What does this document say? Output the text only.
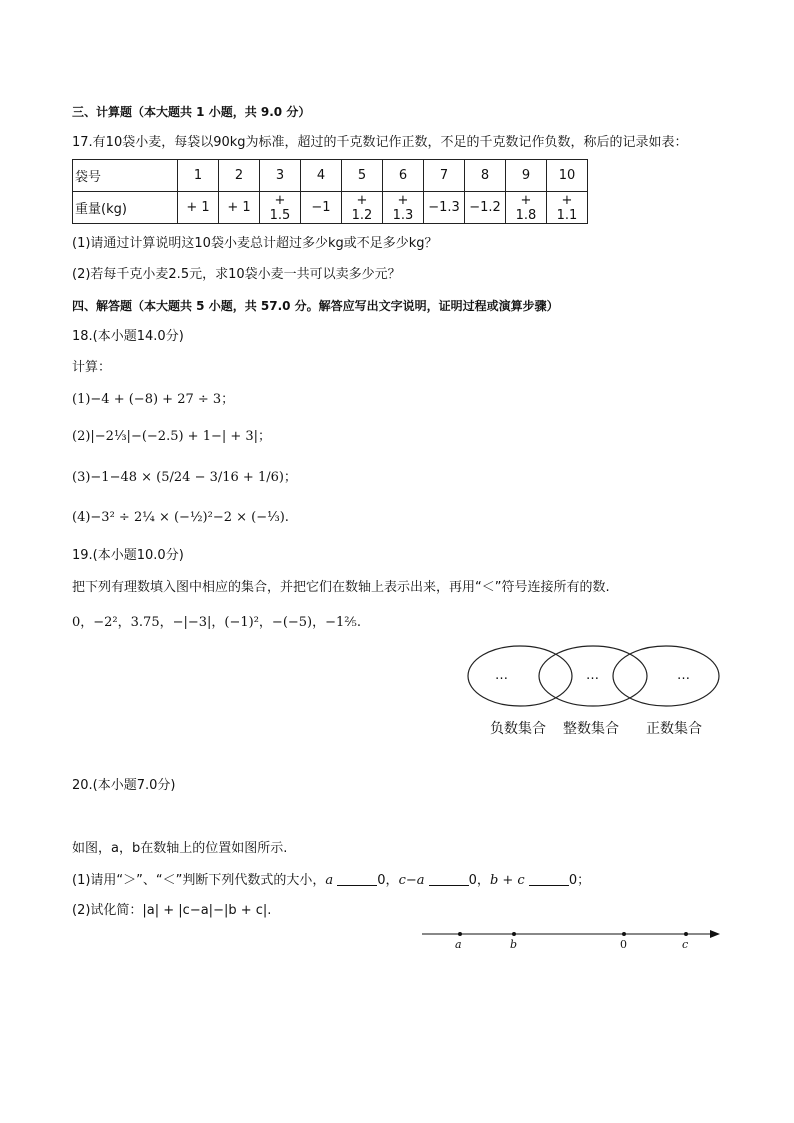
三、计算题（本大题共 1 小题，共 9.0 分）
17.有10袋小麦，每袋以90kg为标准，超过的千克数记作正数，不足的千克数记作负数，称后的记录如表：
袋号	1	2	3	4	5	6	7	8	9	10
重量(kg)	+ 1	+ 1	+ 1.5	−1	+ 1.2	+ 1.3	−1.3	−1.2	+ 1.8	+ 1.1
(1)请通过计算说明这10袋小麦总计超过多少kg或不足多少kg？
(2)若每千克小麦2.5元，求10袋小麦一共可以卖多少元？
四、解答题（本大题共 5 小题，共 57.0 分。解答应写出文字说明，证明过程或演算步骤）
18.(本小题14.0分)
计算：
(1)−4 + (−8) + 27 ÷ 3；
(2)|−2⅓|−(−2.5) + 1−| + 3|；
(3)−1−48 × (5/24 − 3/16 + 1/6)；
(4)−3² ÷ 2¼ × (−½)²−2 × (−⅓).
19.(本小题10.0分)
把下列有理数填入图中相应的集合，并把它们在数轴上表示出来，再用“＜”符号连接所有的数.
0，−2²，3.75，−|−3|，(−1)²，−(−5)，−1⅖.
…	…	…
负数集合 整数集合 正数集合
20.(本小题7.0分)
如图，a，b在数轴上的位置如图所示.
(1)请用“＞”、“＜”判断下列代数式的大小，a	0，c−a	0，b + c	0；
(2)试化简：|a| + |c−a|−|b + c|.
a	b	0	c
